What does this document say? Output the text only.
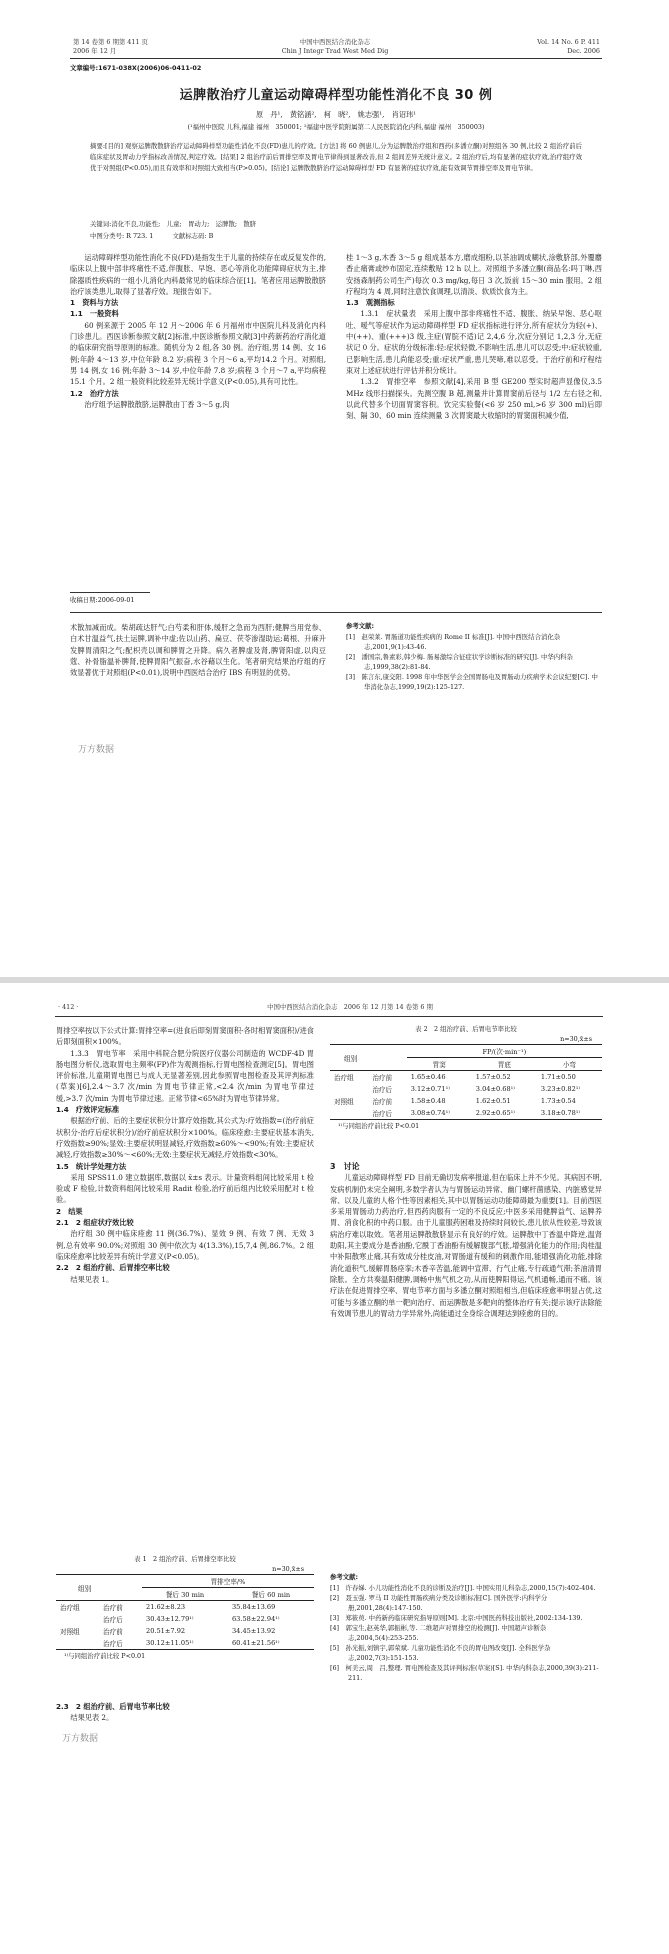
第 14 卷第 6 期第 411 页
2006 年 12 月
中国中西医结合消化杂志
Chin J Integr Trad West Med Dig
Vol. 14 No. 6 P. 411
Dec. 2006
文章编号:1671-038X(2006)06-0411-02
运脾散治疗儿童运动障碍样型功能性消化不良 30 例
原　丹¹,　黄铭涵²,　柯　晓²,　姚志强¹,　肖诏玮¹
(¹福州中医院 儿科,福建 福州　350001; ²福建中医学院附属第二人民医院消化内科,福建 福州　350003)
摘要:[目的] 观察运脾散散脐治疗运动障碍样型功能性消化不良(FD)患儿的疗效。[方法] 将 60 例患儿,分为运脾散治疗组和西药(多潘立酮)对照组各 30 例,比较 2 组治疗前后临床症状及胃动力学指标改善情况,判定疗效。[结果] 2 组治疗前后胃排空率及胃电节律得到显著改善,但 2 组间差异无统计意义。2 组治疗后,均有显著的症状疗效,治疗组疗效优于对照组(P<0.05),而且有效率和对照组大致相当(P>0.05)。[结论] 运脾散散脐治疗运动障碍样型 FD 有显著的症状疗效,能有效调节胃排空率及胃电节律。
关键词:消化不良,功能性;　儿童;　胃动力;　运脾散;　散脐
中图分类号: R 723. 1　　　文献标志码: B

运动障碍样型功能性消化不良(FD)是指发生于儿童的持续存在或反复发作的,临床以上腹中部非疼痛性不适,伴腹胀、早饱、恶心等消化功能障碍症状为主,排除器质性疾病的一组小儿消化内科最常见的临床综合征[1]。笔者应用运脾散散脐治疗该类患儿,取得了显著疗效。现报告如下。

1　资料与方法
1.1　一般资料

60 例来源于 2005 年 12 月～2006 年 6 月福州市中医院儿科及消化内科门诊患儿。西医诊断参照文献[2]标准,中医诊断参照文献[3]中药新药治疗消化道的临床研究指导原则的标准。随机分为 2 组,各 30 例。治疗组,男 14 例、女 16 例;年龄 4～13 岁,中位年龄 8.2 岁;病程 3 个月～6 a,平均14.2 个月。对照组,男 14 例,女 16 例;年龄 3～14 岁,中位年龄 7.8 岁;病程 3 个月～7 a,平均病程 15.1 个月。2 组一般资料比较差异无统计学意义(P<0.05),具有可比性。

1.2　治疗方法

治疗组予运脾散散脐,运脾散由丁香 3～5 g,肉

收稿日期:2006-09-01

桂 1～3 g,木香 3～5 g 组成基本方,磨成细粉,以茶油调成糊状,涂敷脐部,外覆麝香止痛膏或纱布固定,连续敷贴 12 h 以上。对照组予多潘立酮(商品名:吗丁啉,西安扬森制药公司生产)每次 0.3 mg/kg,每日 3 次,饭前 15～30 min 服用。2 组疗程均为 4 周,同时注意饮食调理,以清淡、软质饮食为主。

1.3　观测指标

1.3.1　症状量表　采用上腹中部非疼痛性不适、腹胀、纳呆早饱、恶心呕吐、嗳气等症状作为运动障碍样型 FD 症状指标进行评分,所有症状分为轻(+)、中(++)、重(+++)3 级,主症(胃脘不适)记 2,4,6 分,次症分别记 1,2,3 分,无症状记 0 分。症状的分级标准:轻:症状轻微,不影响生活,患儿可以忍受;中:症状较重,已影响生活,患儿尚能忍受;重:症状严重,患儿哭啼,难以忍受。于治疗前和疗程结束对上述症状进行评估并积分统计。

1.3.2　胃排空率　参照文献[4],采用 B 型 GE200 型实时超声显像仪,3.5 MHz 线形扫描探头。先测空腹 B 超,测量并计算胃窦前后径与 1/2 左右径之和,以此代替多个切面胃窦容积。饮完实验餐(<6 岁 250 ml,>6 岁 300 ml)后即刻、隔 30、60 min 连续测量 3 次胃窦最大收缩时的胃窦面积减少值,

术散加减而成。柴胡疏达肝气;白芍柔和肝体,缓肝之急而为西肝;健脾当用党参、白术甘温益气,扶土运脾,调补中虚;佐以山药、扁豆、茯苓渗湿助运;葛根、升麻升发脾胃清阳之气;配枳壳以调和脾胃之升降。病久者脾虚及肾,脾肾阳虚,以肉豆蔻、补骨脂温补脾肾,使脾胃阳气振奋,水谷藉以生化。笔者研究结果治疗组的疗效显著优于对照组(P<0.01),说明中西医结合治疗 IBS 有明显的优势。

万方数据
参考文献:
[1]　赵荣莱. 胃肠道功能性疾病的 Rome II 标准[J]. 中国中西医结合消化杂志,2001,9(1):43-46.
[2]　潘国宗,鲁素彩,韩少梅. 肠易激综合征症状学诊断标准的研究[J]. 中华内科杂志,1999,38(2):81-84.
[3]　陈言东,康交阳. 1998 年中华医学会全国胃肠电及胃肠动力疾病学术会议纪要[C]. 中华消化杂志,1999,19(2):125-127.
· 412 ·	中国中西医结合消化杂志　2006 年 12 月第 14 卷第 6 期

胃排空率按以下公式计算:胃排空率=(进食后即刻胃窦面积-各时相胃窦面积)/进食后即刻面积×100%。

1.3.3　胃电节率　采用中科院合肥分院医疗仪器公司制造的 WCDF-4D 胃肠电图分析仪,选取胃电主频率(FP)作为观测指标,行胃电图检查测定[5]。胃电图评价标准,儿童期胃电图已与成人无显著差别,因此参照胃电图检查及其评判标准(草案)[6],2.4～3.7 次/min 为胃电节律正常,<2.4 次/min 为胃电节律过缓,>3.7 次/min 为胃电节律过速。正常节律<65%时为胃电节律异常。

1.4　疗效评定标准

根据治疗前、后的主要症状积分计算疗效指数,其公式为:疗效指数=(治疗前症状积分-治疗后症状积分)/治疗前症状积分×100%。临床痊愈:主要症状基本消失,疗效指数≥90%;显效:主要症状明显减轻,疗效指数≥60%～<90%;有效:主要症状减轻,疗效指数≥30%～<60%;无效:主要症状无减轻,疗效指数<30%。

1.5　统计学处理方法

采用 SPSS11.0 建立数据库,数据以 x̄±s 表示。计量资料组间比较采用 t 检验或 F 检验,计数资料组间比较采用 Radit 检验,治疗前后组内比较采用配对 t 检验。

2　结果
2.1　2 组症状疗效比较

治疗组 30 例中临床痊愈 11 例(36.7%)、显效 9 例、有效 7 例、无效 3 例,总有效率 90.0%;对照组 30 例中依次为 4(13.3%),15,7,4 例,86.7%。2 组临床痊愈率比较差异有统计学意义(P<0.05)。

2.2　2 组治疗前、后胃排空率比较

结果见表 1。

表 1　2 组治疗前、后胃排空率比较
n=30,x̄±s
组别		胃排空率/%	
		餐后 30 min	餐后 60 min
治疗组	治疗前	21.62±8.23	35.84±13.69
	治疗后	30.43±12.79¹⁾	63.58±22.94¹⁾
对照组	治疗前	20.51±7.92	34.45±13.92
	治疗后	30.12±11.05¹⁾	60.41±21.56¹⁾
¹⁾与同组治疗前比较 P<0.01
2.3　2 组治疗前、后胃电节率比较

结果见表 2。

万方数据
表 2　2 组治疗前、后胃电节率比较
n=30,x̄±s
组别		FP/(次·min⁻¹)		
		胃窦	胃底	小弯
治疗组	治疗前	1.65±0.46	1.57±0.52	1.71±0.50
	治疗后	3.12±0.71¹⁾	3.04±0.68¹⁾	3.23±0.82¹⁾
对照组	治疗前	1.58±0.48	1.62±0.51	1.73±0.54
	治疗后	3.08±0.74¹⁾	2.92±0.65¹⁾	3.18±0.78¹⁾
¹⁾与同组治疗前比较 P<0.01
3　讨论

儿童运动障碍样型 FD 目前无确切发病率报道,但在临床上并不少见。其病因不明,发病机制仍未完全阐明,多数学者认为与胃肠运动异常、幽门螺杆菌感染、内脏感觉异常、以及儿童的人格个性等因素相关,其中以胃肠运动功能障碍最为重要[1]。目前西医多采用胃肠动力药治疗,但西药肉服有一定的不良反应;中医多采用健脾益气、运脾养胃、消食化积的中药口服。由于儿童服药困难及持续时间较长,患儿依从性较差,导致该病治疗难以取效。笔者用运脾散散脐显示有良好的疗效。运脾散中丁香温中降逆,温肾助阳,其主要成分是香油酚,它酰丁香油酚有缓解腹部气胀,增强消化能力的作用;肉桂温中补阳散寒止痛,其有效成分桂皮油,对胃肠道有缓和的刺激作用,能增强消化功能,排除消化道积气,缓解胃肠痉挛;木香辛苦温,能调中宣滞、行气止痛,专行疏通气滞;茶油清胃除胀。全方共奏温阳健脾,调畅中焦气机之功,从而使脾阳得运,气机通畅,通而不痛。该疗法在促进胃排空率、胃电节率方面与多潘立酮对照组相当,但临床痊愈率明显占优,这可能与多潘立酮的单一靶向治疗、而运脾散是多靶向的整体治疗有关;提示该疗法除能有效调节患儿的胃动力学异常外,尚能通过全身综合调理达到痊愈的目的。

参考文献:
[1]　许春娣. 小儿功能性消化不良的诊断及治疗[J]. 中国实用儿科杂志,2000,15(7):402-404.
[2]　聂玉强. 罗马 II 功能性胃肠疾病分类及诊断标准[C]. 国外医学:内科学分册,2001,28(4):147-150.
[3]　郑筱萸. 中药新药临床研究指导原则[M]. 北京:中国医药科技出版社,2002:134-139.
[4]　郭宝生,赵英华,郭振彬,等. 二维超声对胃排空的检测[J]. 中国超声诊断杂志,2004,5(4):253-255.
[5]　孙光振,刘镇宇,郭荣斌. 儿童功能性消化不良的胃电图改变[J]. 全科医学杂志,2002,7(3):151-153.
[6]　柯美云,周　吕,整理. 胃电图检查及其评判标准(草案)[S]. 中华内科杂志,2000,39(3):211-211.
